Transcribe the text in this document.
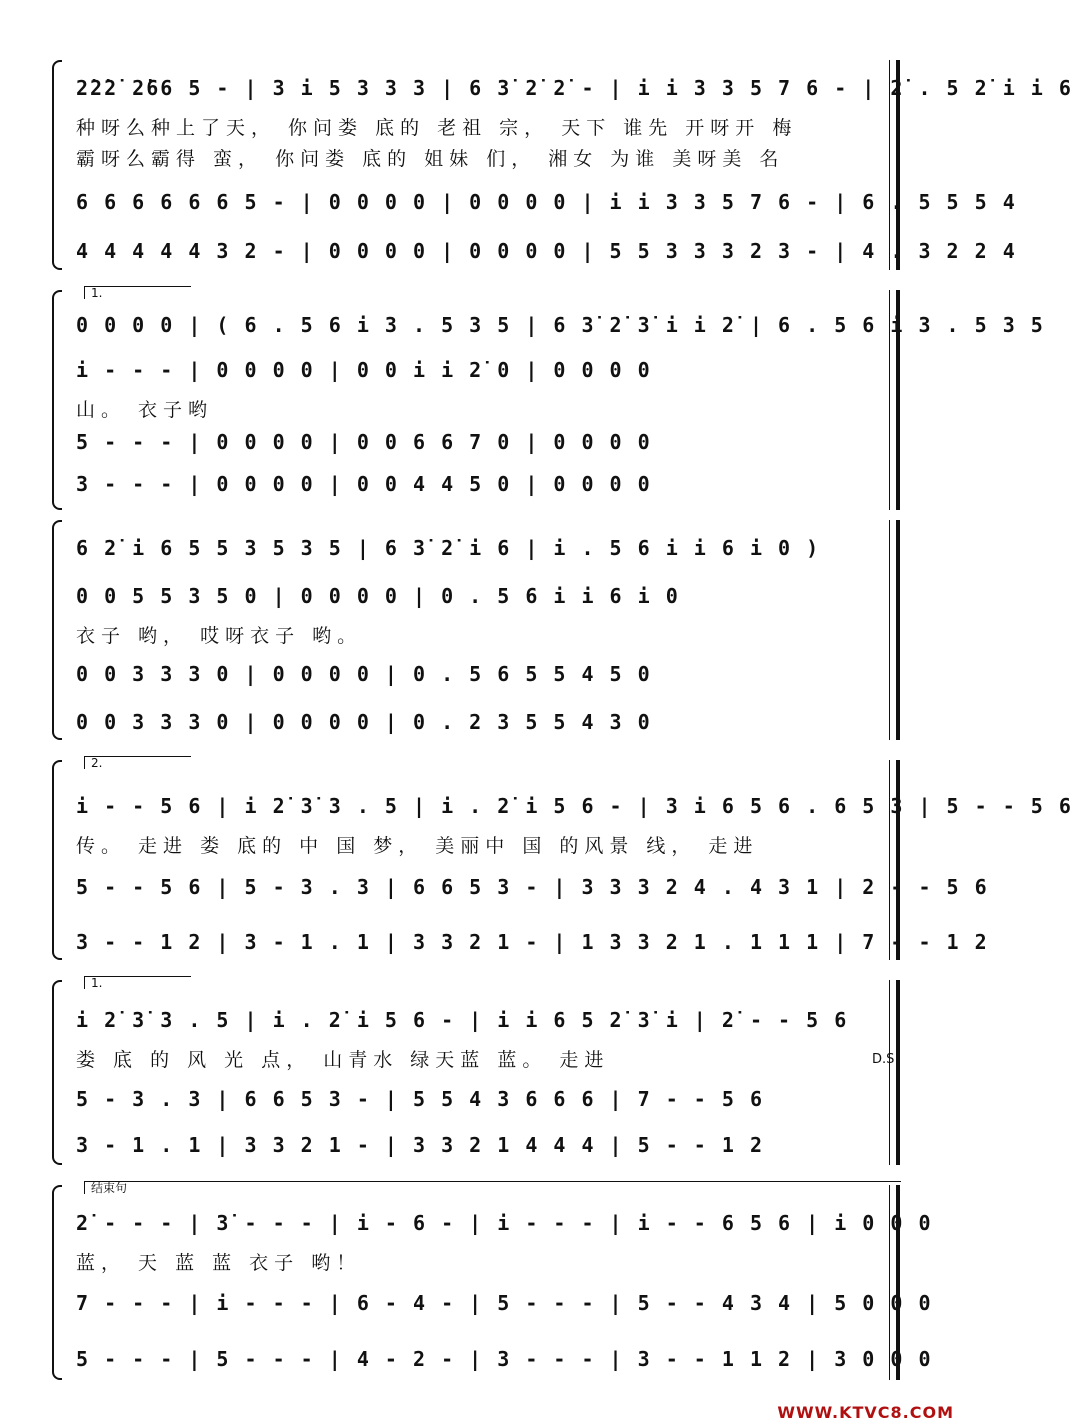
2̇2̇2̇ 2̇66 5 - | 3 i 5 3 3 3 | 6 3̇ 2̇ 2̇ - | i i 3 3 5 7 6 - | 2̇ . 5 2̇ i i 6
种呀么种上了天， 你问娄 底的 老祖 宗， 天下 谁先 开呀开 梅
霸呀么霸得 蛮， 你问娄 底的 姐妹 们， 湘女 为谁 美呀美 名
6 6 6 6 6 6 5 - | 0 0 0 0 | 0 0 0 0 | i i 3 3 5 7 6 - | 6 . 5 5 5 4
4 4 4 4 4 3 2 - | 0 0 0 0 | 0 0 0 0 | 5 5 3 3 3 2 3 - | 4 . 3 2 2 4
1.
0 0 0 0 | ( 6 . 5 6 i 3 . 5 3 5 | 6 3̇ 2̇ 3̇ i i 2̇ | 6 . 5 6 i 3 . 5 3 5
i - - - | 0 0 0 0 | 0 0 i i 2̇ 0 | 0 0 0 0
山。 衣子哟
5 - - - | 0 0 0 0 | 0 0 6 6 7 0 | 0 0 0 0
3 - - - | 0 0 0 0 | 0 0 4 4 5 0 | 0 0 0 0
6 2̇ i 6 5 5 3 5 3 5 | 6 3̇ 2̇ i 6 | i . 5 6 i i 6 i 0 )
0 0 5 5 3 5 0 | 0 0 0 0 | 0 . 5 6 i i 6 i 0
衣子 哟， 哎呀衣子 哟。
0 0 3 3 3 0 | 0 0 0 0 | 0 . 5 6 5 5 4 5 0
0 0 3 3 3 0 | 0 0 0 0 | 0 . 2 3 5 5 4 3 0
2.
i - - 5 6 | i 2̇ 3̇ 3 . 5 | i . 2̇ i 5 6 - | 3 i 6 5 6 . 6 5 3 | 5 - - 5 6
传。 走进 娄 底的 中 国 梦， 美丽中 国 的风景 线， 走进
5 - - 5 6 | 5 - 3 . 3 | 6 6 5 3 - | 3 3 3 2 4 . 4 3 1 | 2 - - 5 6
3 - - 1 2 | 3 - 1 . 1 | 3 3 2 1 - | 1 3 3 2 1 . 1 1 1 | 7 - - 1 2
1.
i 2̇ 3̇ 3 . 5 | i . 2̇ i 5 6 - | i i 6 5 2̇ 3̇ i | 2̇ - - 5 6
娄 底 的 风 光 点， 山青水 绿天蓝 蓝。 走进
5 - 3 . 3 | 6 6 5 3 - | 5 5 4 3 6 6 6 | 7 - - 5 6
3 - 1 . 1 | 3 3 2 1 - | 3 3 2 1 4 4 4 | 5 - - 1 2
结束句
2̇ - - - | 3̇ - - - | i - 6 - | i - - - | i - - 6 5 6 | i 0 0 0
蓝， 天 蓝 蓝 衣子 哟！
7 - - - | i - - - | 6 - 4 - | 5 - - - | 5 - - 4 3 4 | 5 0 0 0
5 - - - | 5 - - - | 4 - 2 - | 3 - - - | 3 - - 1 1 2 | 3 0 0 0
D.S
WWW.KTVC8.COM
